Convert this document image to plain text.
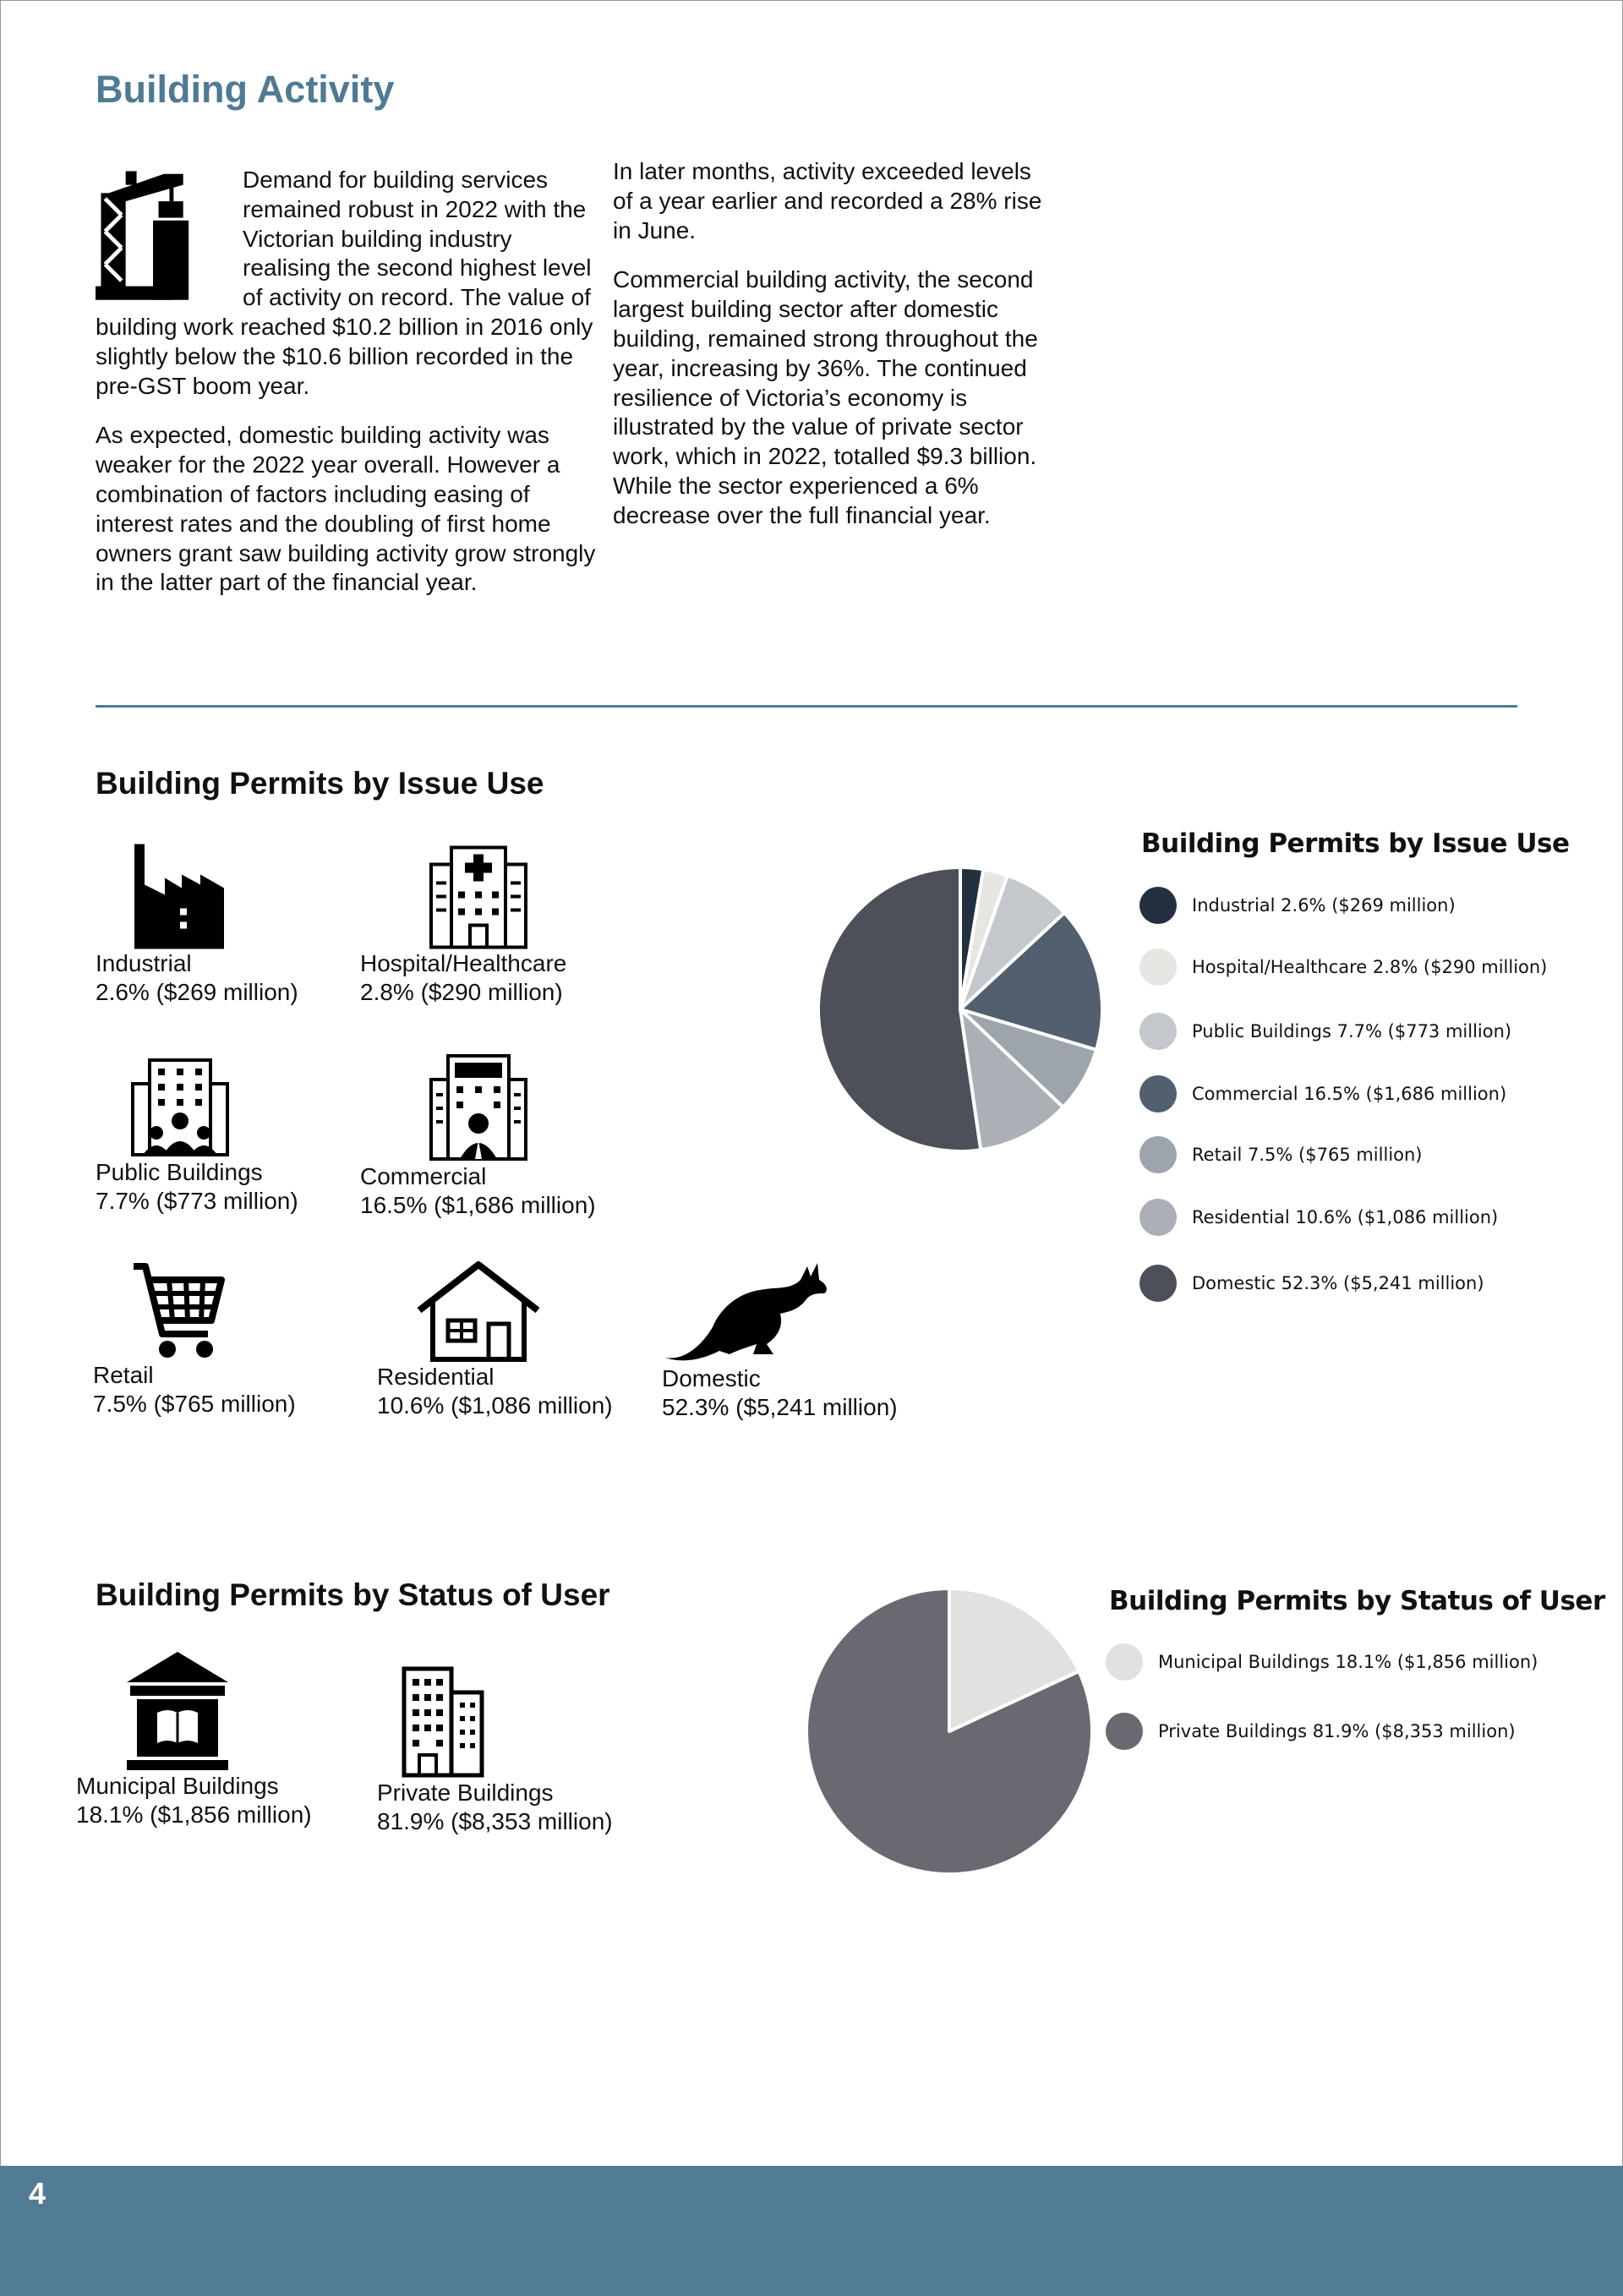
Building Activity

Demand for building services remained robust in 2022 with the Victorian building industry realising the second highest level of activity on record. The value of building work reached $10.2 billion in 2016 only slightly below the $10.6 billion recorded in the pre-GST boom year.

As expected, domestic building activity was weaker for the 2022 year overall. However a combination of factors including easing of interest rates and the doubling of first home owners grant saw building activity grow strongly in the latter part of the financial year.

In later months, activity exceeded levels of a year earlier and recorded a 28% rise in June.

Commercial building activity, the second largest building sector after domestic building, remained strong throughout the year, increasing by 36%. The continued resilience of Victoria’s economy is illustrated by the value of private sector work, which in 2022, totalled $9.3 billion. While the sector experienced a 6% decrease over the full financial year.

Building Permits by Issue Use
Industrial
2.6% ($269 million)
Hospital/Healthcare
2.8% ($290 million)
Public Buildings
7.7% ($773 million)
Commercial
16.5% ($1,686 million)
Retail
7.5% ($765 million)
Residential
10.6% ($1,086 million)
Domestic
52.3% ($5,241 million)
Building Permits by Issue Use
Industrial 2.6% ($269 million)
Hospital/Healthcare 2.8% ($290 million)
Public Buildings 7.7% ($773 million)
Commercial 16.5% ($1,686 million)
Retail 7.5% ($765 million)
Residential 10.6% ($1,086 million)
Domestic 52.3% ($5,241 million)
Building Permits by Status of User
Municipal Buildings
18.1% ($1,856 million)
Private Buildings
81.9% ($8,353 million)
Building Permits by Status of User
Municipal Buildings 18.1% ($1,856 million)
Private Buildings 81.9% ($8,353 million)
4
